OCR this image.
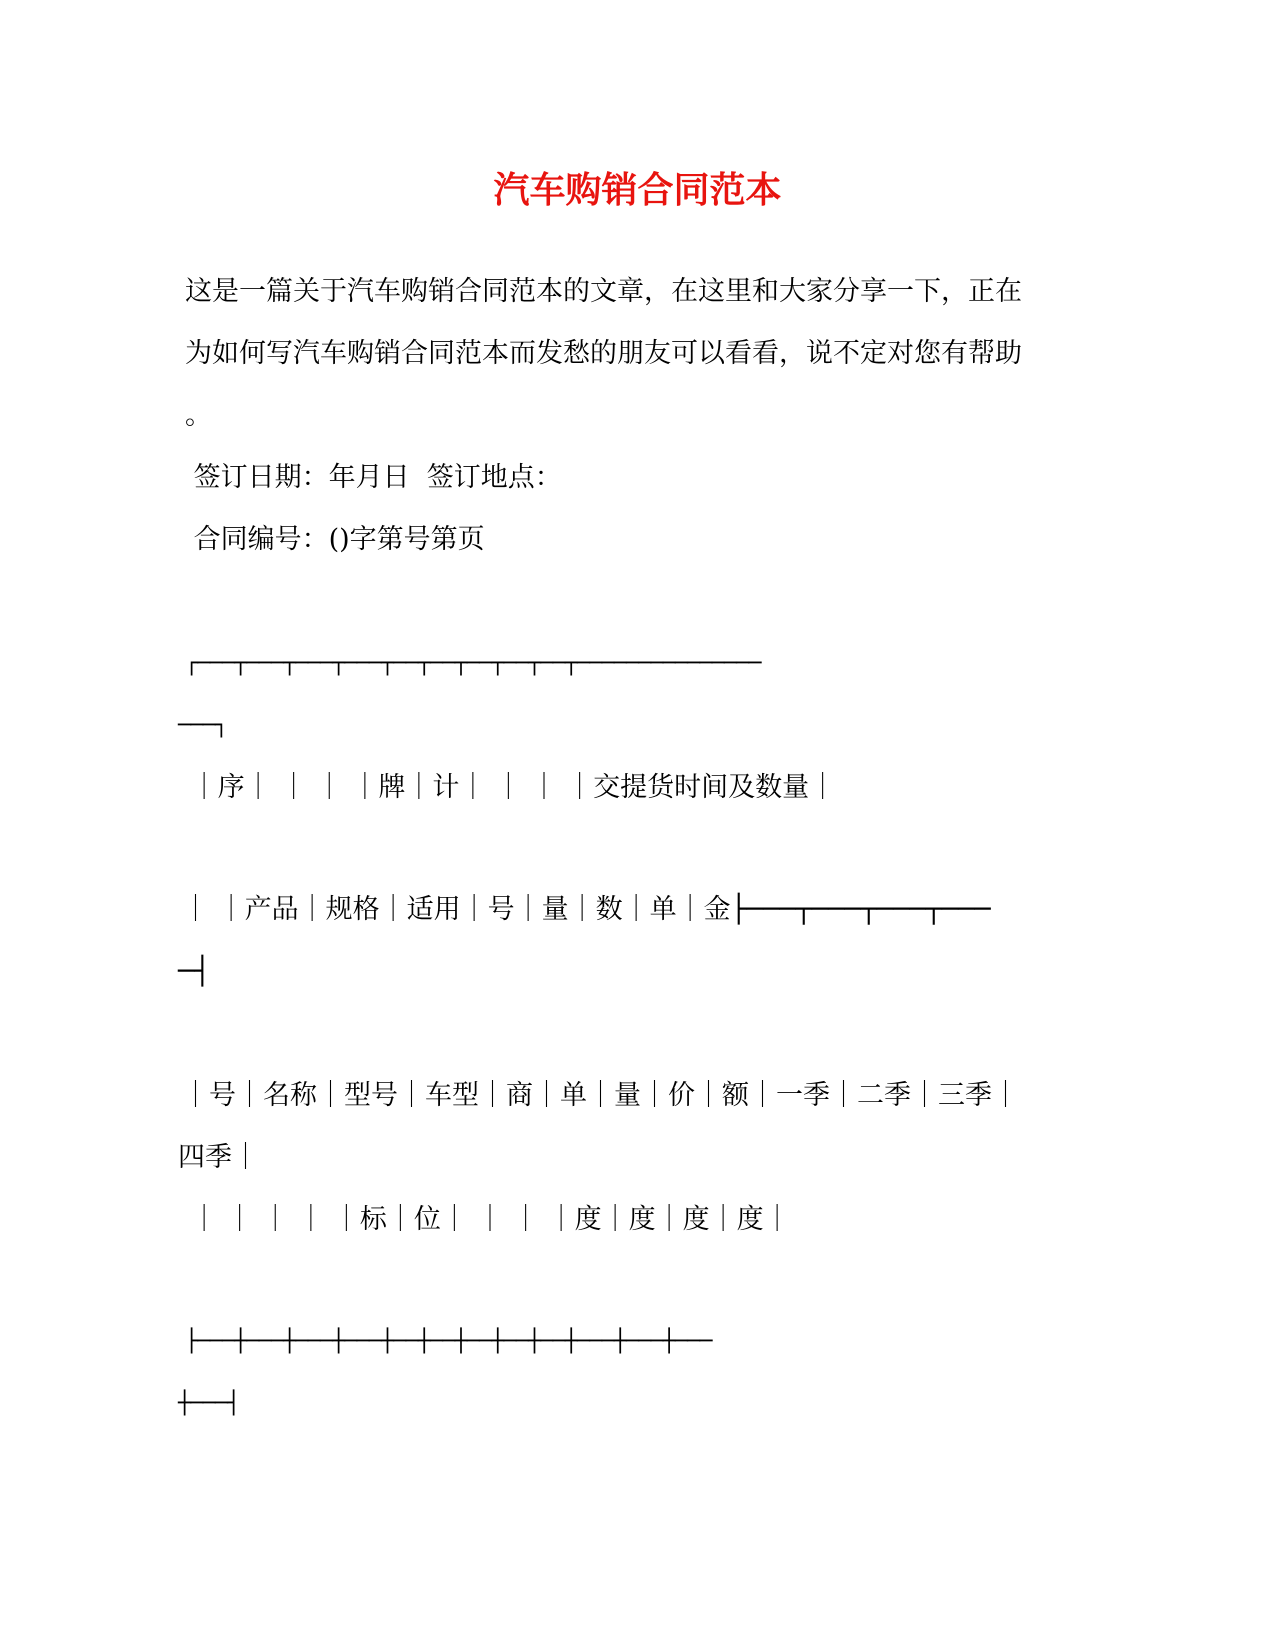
汽车购销合同范本
这是一篇关于汽车购销合同范本的文章，在这里和大家分享一下，正在
为如何写汽车购销合同范本而发愁的朋友可以看看，说不定对您有帮助
。
签订日期：年月日  签订地点：
合同编号：()字第号第页
┌───┬───┬───┬───┬──┬──┬──┬──┬──┬───────────────
───┐
｜序｜ ｜ ｜ ｜牌｜计｜ ｜ ｜ ｜交提货时间及数量｜
｜ ｜产品｜规格｜适用｜号｜量｜数｜单｜金├───┬───┬───┬───
─┤
｜号｜名称｜型号｜车型｜商｜单｜量｜价｜额｜一季｜二季｜三季｜
四季｜
｜ ｜ ｜ ｜ ｜标｜位｜ ｜ ｜ ｜度｜度｜度｜度｜
├───┼───┼───┼───┼──┼──┼──┼──┼──┼───┼───┼───
┼───┤
